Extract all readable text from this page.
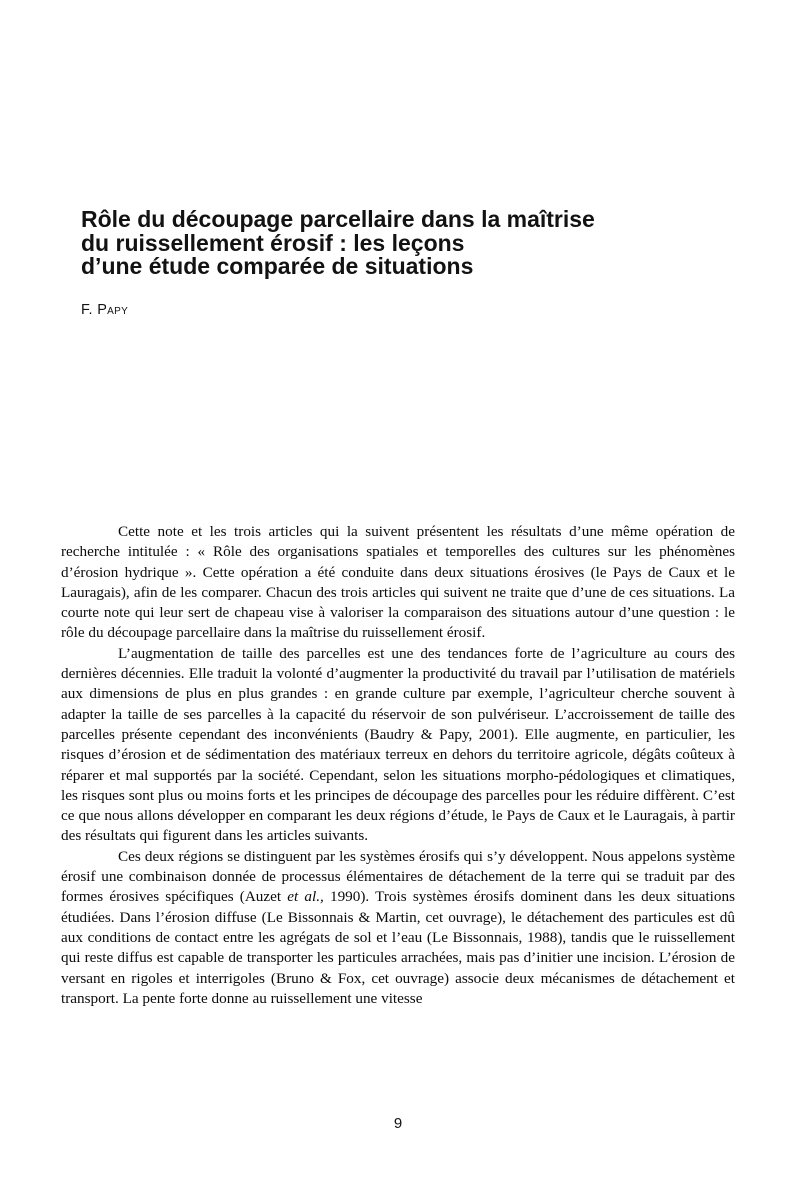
Rôle du découpage parcellaire dans la maîtrise
du ruissellement érosif : les leçons
d’une étude comparée de situations
F. Papy

Cette note et les trois articles qui la suivent présentent les résultats d’une même opération de recherche intitulée : « Rôle des organisations spatiales et temporelles des cultures sur les phénomènes d’érosion hydrique ». Cette opération a été conduite dans deux situations érosives (le Pays de Caux et le Lauragais), afin de les comparer. Chacun des trois articles qui suivent ne traite que d’une de ces situations. La courte note qui leur sert de chapeau vise à valoriser la comparaison des situations autour d’une question : le rôle du découpage parcellaire dans la maîtrise du ruissellement érosif.

L’augmentation de taille des parcelles est une des tendances forte de l’agriculture au cours des dernières décennies. Elle traduit la volonté d’augmenter la productivité du travail par l’utilisation de matériels aux dimensions de plus en plus grandes : en grande culture par exemple, l’agriculteur cherche souvent à adapter la taille de ses parcelles à la capacité du réservoir de son pulvériseur. L’accroissement de taille des parcelles présente cependant des inconvénients (Baudry & Papy, 2001). Elle augmente, en particulier, les risques d’érosion et de sédimentation des matériaux terreux en dehors du territoire agricole, dégâts coûteux à réparer et mal supportés par la société. Cependant, selon les situations morpho-pédologiques et climatiques, les risques sont plus ou moins forts et les principes de découpage des parcelles pour les réduire diffèrent. C’est ce que nous allons développer en comparant les deux régions d’étude, le Pays de Caux et le Lauragais, à partir des résultats qui figurent dans les articles suivants.

Ces deux régions se distinguent par les systèmes érosifs qui s’y développent. Nous appelons système érosif une combinaison donnée de processus élémentaires de détachement de la terre qui se traduit par des formes érosives spécifiques (Auzet et al., 1990). Trois systèmes érosifs dominent dans les deux situations étudiées. Dans l’érosion diffuse (Le Bissonnais & Martin, cet ouvrage), le détachement des particules est dû aux conditions de contact entre les agrégats de sol et l’eau (Le Bissonnais, 1988), tandis que le ruissellement qui reste diffus est capable de transporter les particules arrachées, mais pas d’initier une incision. L’érosion de versant en rigoles et interrigoles (Bruno & Fox, cet ouvrage) associe deux mécanismes de détachement et transport. La pente forte donne au ruissellement une vitesse

9
